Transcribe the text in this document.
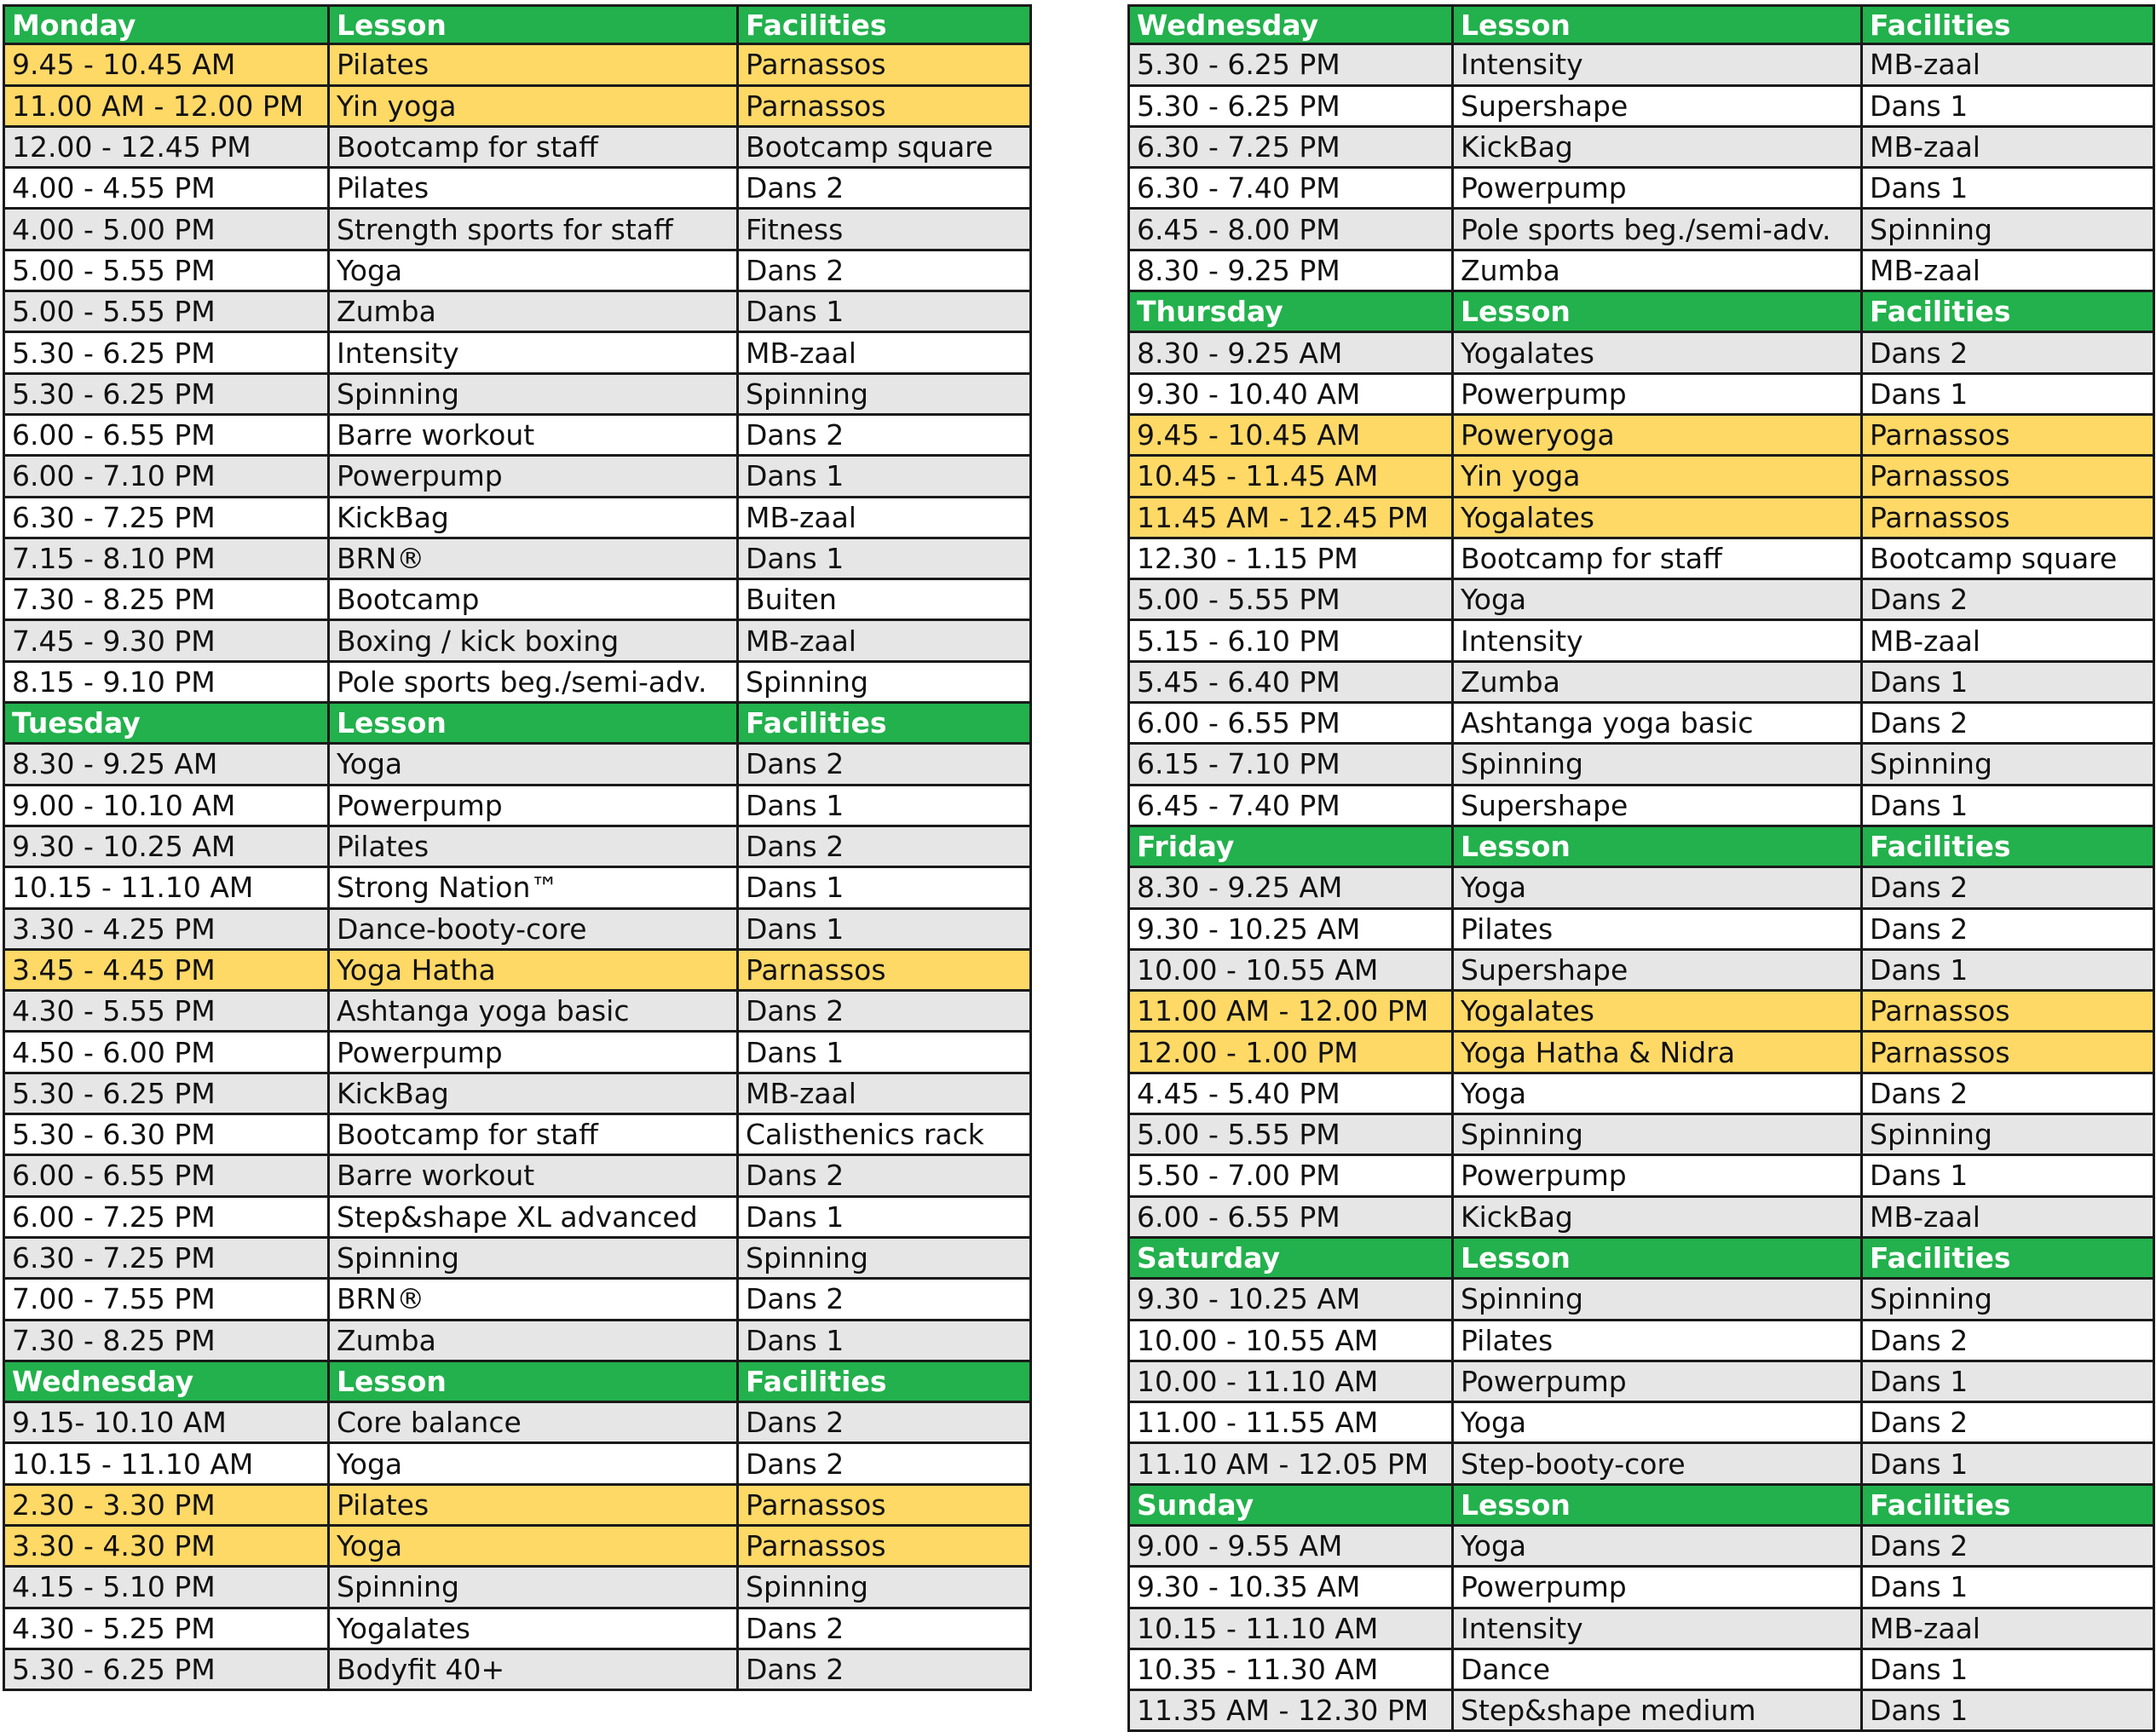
Monday	Lesson	Facilities
9.45 - 10.45 AM	Pilates	Parnassos
11.00 AM - 12.00 PM	Yin yoga	Parnassos
12.00 - 12.45 PM	Bootcamp for staff	Bootcamp square
4.00 - 4.55 PM	Pilates	Dans 2
4.00 - 5.00 PM	Strength sports for staff	Fitness
5.00 - 5.55 PM	Yoga	Dans 2
5.00 - 5.55 PM	Zumba	Dans 1
5.30 - 6.25 PM	Intensity	MB-zaal
5.30 - 6.25 PM	Spinning	Spinning
6.00 - 6.55 PM	Barre workout	Dans 2
6.00 - 7.10 PM	Powerpump	Dans 1
6.30 - 7.25 PM	KickBag	MB-zaal
7.15 - 8.10 PM	BRN®	Dans 1
7.30 - 8.25 PM	Bootcamp	Buiten
7.45 - 9.30 PM	Boxing / kick boxing	MB-zaal
8.15 - 9.10 PM	Pole sports beg./semi-adv.	Spinning
Tuesday	Lesson	Facilities
8.30 - 9.25 AM	Yoga	Dans 2
9.00 - 10.10 AM	Powerpump	Dans 1
9.30 - 10.25 AM	Pilates	Dans 2
10.15 - 11.10 AM	Strong Nation™	Dans 1
3.30 - 4.25 PM	Dance-booty-core	Dans 1
3.45 - 4.45 PM	Yoga Hatha	Parnassos
4.30 - 5.55 PM	Ashtanga yoga basic	Dans 2
4.50 - 6.00 PM	Powerpump	Dans 1
5.30 - 6.25 PM	KickBag	MB-zaal
5.30 - 6.30 PM	Bootcamp for staff	Calisthenics rack
6.00 - 6.55 PM	Barre workout	Dans 2
6.00 - 7.25 PM	Step&shape XL advanced	Dans 1
6.30 - 7.25 PM	Spinning	Spinning
7.00 - 7.55 PM	BRN®	Dans 2
7.30 - 8.25 PM	Zumba	Dans 1
Wednesday	Lesson	Facilities
9.15- 10.10 AM	Core balance	Dans 2
10.15 - 11.10 AM	Yoga	Dans 2
2.30 - 3.30 PM	Pilates	Parnassos
3.30 - 4.30 PM	Yoga	Parnassos
4.15 - 5.10 PM	Spinning	Spinning
4.30 - 5.25 PM	Yogalates	Dans 2
5.30 - 6.25 PM	Bodyfit 40+	Dans 2
Wednesday	Lesson	Facilities
5.30 - 6.25 PM	Intensity	MB-zaal
5.30 - 6.25 PM	Supershape	Dans 1
6.30 - 7.25 PM	KickBag	MB-zaal
6.30 - 7.40 PM	Powerpump	Dans 1
6.45 - 8.00 PM	Pole sports beg./semi-adv.	Spinning
8.30 - 9.25 PM	Zumba	MB-zaal
Thursday	Lesson	Facilities
8.30 - 9.25 AM	Yogalates	Dans 2
9.30 - 10.40 AM	Powerpump	Dans 1
9.45 - 10.45 AM	Poweryoga	Parnassos
10.45 - 11.45 AM	Yin yoga	Parnassos
11.45 AM - 12.45 PM	Yogalates	Parnassos
12.30 - 1.15 PM	Bootcamp for staff	Bootcamp square
5.00 - 5.55 PM	Yoga	Dans 2
5.15 - 6.10 PM	Intensity	MB-zaal
5.45 - 6.40 PM	Zumba	Dans 1
6.00 - 6.55 PM	Ashtanga yoga basic	Dans 2
6.15 - 7.10 PM	Spinning	Spinning
6.45 - 7.40 PM	Supershape	Dans 1
Friday	Lesson	Facilities
8.30 - 9.25 AM	Yoga	Dans 2
9.30 - 10.25 AM	Pilates	Dans 2
10.00 - 10.55 AM	Supershape	Dans 1
11.00 AM - 12.00 PM	Yogalates	Parnassos
12.00 - 1.00 PM	Yoga Hatha & Nidra	Parnassos
4.45 - 5.40 PM	Yoga	Dans 2
5.00 - 5.55 PM	Spinning	Spinning
5.50 - 7.00 PM	Powerpump	Dans 1
6.00 - 6.55 PM	KickBag	MB-zaal
Saturday	Lesson	Facilities
9.30 - 10.25 AM	Spinning	Spinning
10.00 - 10.55 AM	Pilates	Dans 2
10.00 - 11.10 AM	Powerpump	Dans 1
11.00 - 11.55 AM	Yoga	Dans 2
11.10 AM - 12.05 PM	Step-booty-core	Dans 1
Sunday	Lesson	Facilities
9.00 - 9.55 AM	Yoga	Dans 2
9.30 - 10.35 AM	Powerpump	Dans 1
10.15 - 11.10 AM	Intensity	MB-zaal
10.35 - 11.30 AM	Dance	Dans 1
11.35 AM - 12.30 PM	Step&shape medium	Dans 1
